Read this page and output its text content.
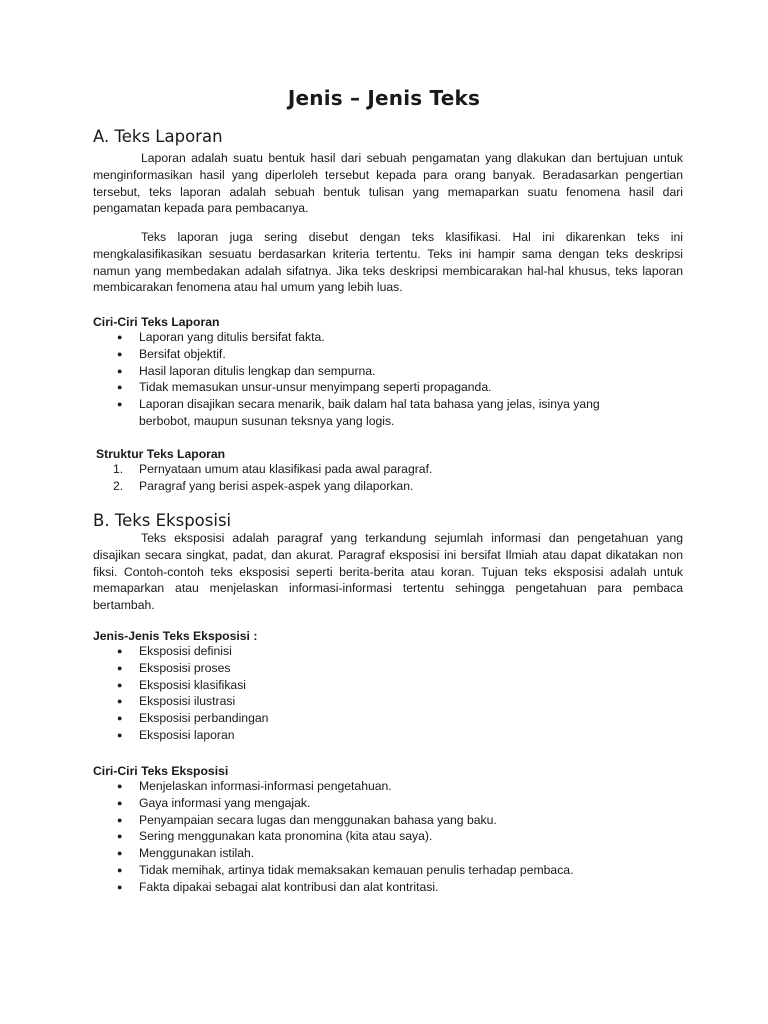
Jenis – Jenis Teks
A. Teks Laporan

Laporan adalah suatu bentuk hasil dari sebuah pengamatan yang dlakukan dan bertujuan untuk menginformasikan hasil yang diperloleh tersebut kepada para orang banyak. Beradasarkan pengertian tersebut, teks laporan adalah sebuah bentuk tulisan yang memaparkan suatu fenomena hasil dari pengamatan kepada para pembacanya.

Teks laporan juga sering disebut dengan teks klasifikasi. Hal ini dikarenkan teks ini mengkalasifikasikan sesuatu berdasarkan kriteria tertentu. Teks ini hampir sama dengan teks deskripsi namun yang membedakan adalah sifatnya. Jika teks deskripsi membicarakan hal-hal khusus, teks laporan membicarakan fenomena atau hal umum yang lebih luas.

Ciri-Ciri Teks Laporan

● Laporan yang ditulis bersifat fakta.
● Bersifat objektif.
● Hasil laporan ditulis lengkap dan sempurna.
● Tidak memasukan unsur-unsur menyimpang seperti propaganda.
● Laporan disajikan secara menarik, baik dalam hal tata bahasa yang jelas, isinya yang berbobot, maupun susunan teksnya yang logis.

Struktur Teks Laporan

1. Pernyataan umum atau klasifikasi pada awal paragraf.
2. Paragraf yang berisi aspek-aspek yang dilaporkan.
B. Teks Eksposisi

Teks eksposisi adalah paragraf yang terkandung sejumlah informasi dan pengetahuan yang disajikan secara singkat, padat, dan akurat. Paragraf eksposisi ini bersifat Ilmiah atau dapat dikatakan non fiksi. Contoh-contoh teks eksposisi seperti berita-berita atau koran. Tujuan teks eksposisi adalah untuk memaparkan atau menjelaskan informasi-informasi tertentu sehingga pengetahuan para pembaca bertambah.

Jenis-Jenis Teks Eksposisi :

● Eksposisi definisi
● Eksposisi proses
● Eksposisi klasifikasi
● Eksposisi ilustrasi
● Eksposisi perbandingan
● Eksposisi laporan

Ciri-Ciri Teks Eksposisi

● Menjelaskan informasi-informasi pengetahuan.
● Gaya informasi yang mengajak.
● Penyampaian secara lugas dan menggunakan bahasa yang baku.
● Sering menggunakan kata pronomina (kita atau saya).
● Menggunakan istilah.
● Tidak memihak, artinya tidak memaksakan kemauan penulis terhadap pembaca.
● Fakta dipakai sebagai alat kontribusi dan alat kontritasi.
